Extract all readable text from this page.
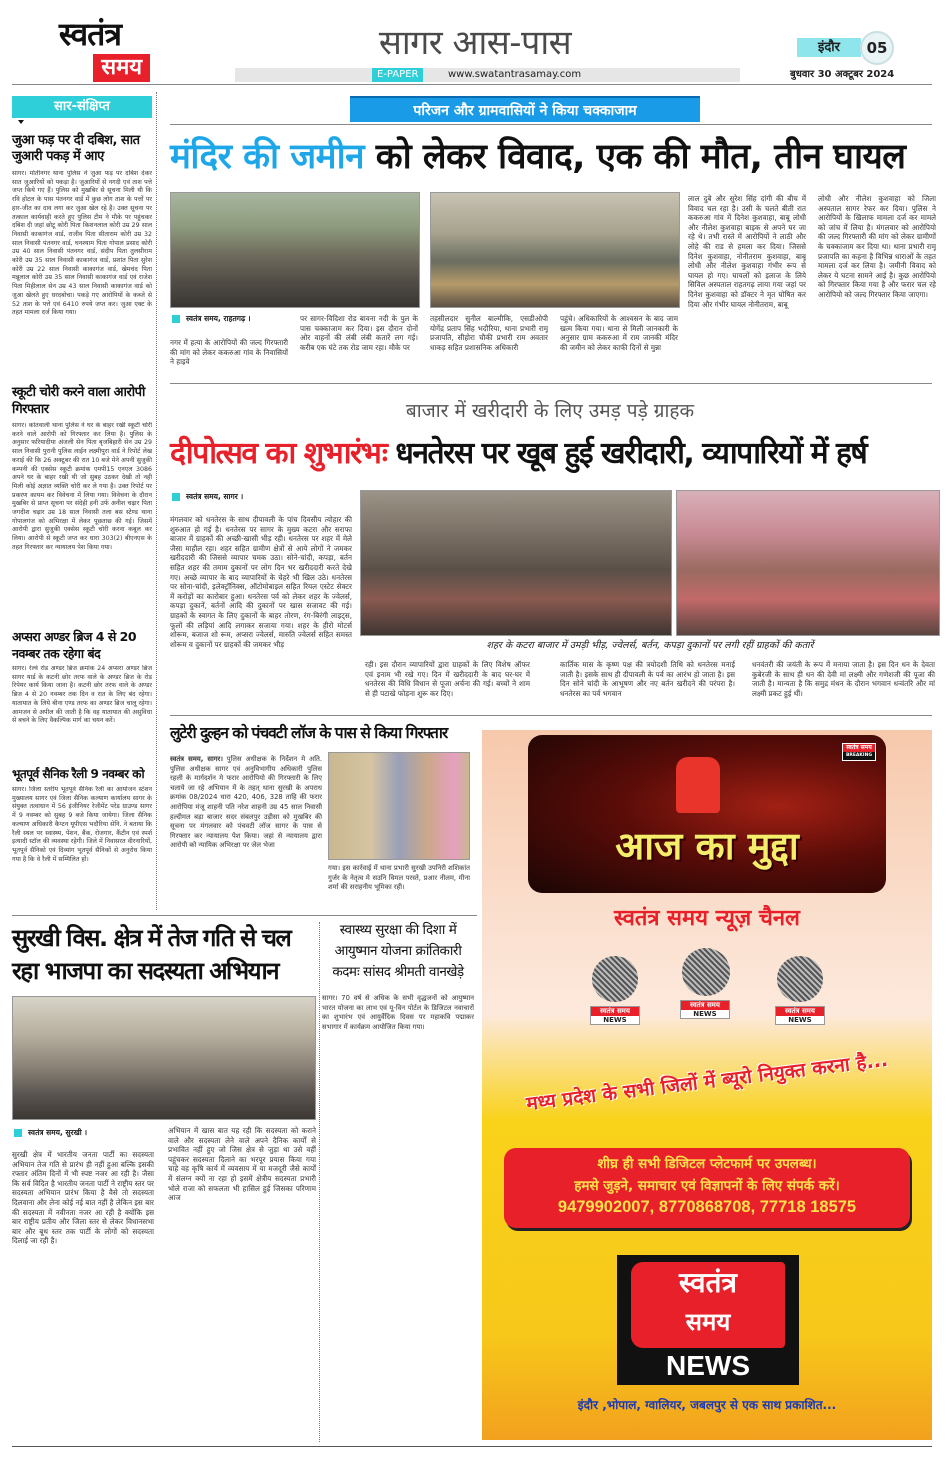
स्वतंत्र
समय
सागर आस-पास
E-PAPER	www.swatantrasamay.com
इंदौर	05
बुधवार 30 अक्टूबर 2024
सार-संक्षिप्त
जुआ फड़ पर दी दबिश, सात जुआरी पकड़ में आए
सागर। मोतीनगर थाना पुलिस ने जुआ फड़ पर दबिश देकर सात जुआरियों को पकड़ा है। जुआरियों से नगदी एवं ताश पत्ते जप्त किये गए हैं। पुलिस को मुखबिर से सूचना मिली थी कि रवि होटल के पास पंतनगर वार्ड में कुछ लोग ताश के पत्तों पर हार-जीत का दाव लगा कर जुआ खेल रहे है। उक्त सूचना पर तत्काल कार्यवाही करते हुए पुलिस टीम ने मौके पर पहुंचकर दबिश दी जहां छोटू कोरी पिता किशनलाल कोरी उम्र 29 साल निवासी काकागंज वार्ड, राजीव पिता सीताराम कोरी उम्र 32 साल निवासी पंतनगर वार्ड, घनश्याम पिता गोपाल प्रसाद कोरी उम्र 40 साल निवासी पंतनगर वार्ड, संदीप पिता तुलसीराम कोरी उम्र 35 साल निवासी काकागंज वार्ड, प्रशांत पिता सुरेश कोरी उम्र 22 साल निवासी काकागंज वार्ड, खेमचंद पिता मन्नूलाल कोरी उम्र 35 साल निवासी काकागंज वार्ड एवं राजेश पिता मिहीलाल सेन उम्र 43 साल निवासी काकागंज वार्ड को जुआ खेलते हुए धरदबोचा। पकड़े गए आरोपियों के कब्जे से 52 ताश के पत्ते एवं 6410 रुपये जप्त कर। जुआ एक्ट के तहत मामला दर्ज किया गया।
स्कूटी चोरी करने वाला आरोपी गिरफ्तार
सागर। कोतवाली थाना पुलिस ने घर के बाहर रखी स्कूटी चोरी करने वाले आरोपी को गिरफ्तार कर लिया है। पुलिस के अनुसार फरियादीया अंजली सेन पिता बृजबिहारी सेन उम्र 29 साल निवासी पुरानी पुलिस लाईन लक्ष्मीपुरा वार्ड ने रिपोर्ट लेख कराई की कि 26 अक्टूबर की रात 10 बजे मेने अपनी सुजुकी कम्पनी की एक्सेस स्कूटी क्रमांक एमपी15 एनएल 3086 अपने घर के बाहर रखी थी जो सुबह उठकर देखी तो नही मिली कोई अज्ञात व्यक्ति चोरी कर ले गया है। उक्त रिपोर्ट पर प्रकरण कायम कर विवेचना में लिया गया। विवेचना के दौरान मुखबिर से प्राप्त सूचना पर संदेही हनी उर्फ अनीश चढ़ार पिता जगदीश चढ़ार उम्र 18 साल निवासी तला बस स्टेण्ड थाना गोपालगंज को अभिरक्षा में लेकर पूछताछ की गई। जिसमें आरोपी द्वारा सुजुकी एक्सेस स्कूटी चोरी करना कबूल कर लिया। आरोपी से स्कूटी जप्त कर धारा 303(2) बीएनएस के तहत गिरफ्तार कर न्यायालय पेश किया गया।
अप्सरा अण्डर ब्रिज 4 से 20 नवम्बर तक रहेगा बंद
सागर। रेल्वे रोड अण्डर ब्रिज क्रमांक 24 अप्सरा अण्डर ब्रिज सागर यार्ड के कटनी छोर तरफ वाले के अण्डर ब्रिज के रोड रिपेयर कार्य किया जाना है। कटनी छोर तरफ वाले के अण्डर ब्रिज 4 से 20 नवम्बर तक दिन व रात के लिए बंद रहेगा। यातायात के लिये बीना एण्ड तरफ का अण्डर ब्रिज चालू रहेगा। आमजन से अपील की जाती है कि वह यातायात की असुविधा से बचने के लिए वैकल्पिक मार्ग का चयन करें।
भूतपूर्व सैनिक रैली 9 नवम्बर को
सागर। जिला स्तरीय भूतपूर्व सैनिक रैली का आयोजन स्टेशन मुख्यालय सागर एवं जिला सैनिक कल्याण कार्यालय सागर के संयुक्त तत्वाधान में 56 इंजीनियर रेजीमेंट परेड ग्राउण्ड सागर में 9 नवम्बर को सुबह 9 बजे किया जायेगा। जिला सैनिक कल्याण अधिकारी कैप्टन यूपीएस भदौरिया सेनि. ने बताया कि रैली स्थल पर स्वास्थ्य, पेंशन, बैंक, रोजगार, कैंटीन एवं स्पर्श इत्यादी स्टॉल की व्यवस्था रहेगी। जिले में निवासरत वीरनारियों, भूतपूर्व सैनिको एवं दिव्यांग भूतपूर्व सैनिकों से अनुरोध किया गया है कि वे रैली में सम्मिलित हों।
परिजन और ग्रामवासियों ने किया चक्काजाम
मंदिर की जमीन को लेकर विवाद, एक की मौत, तीन घायल
स्वतंत्र समय, राहतगढ़ ।
नगर में हत्या के आरोपियों की जल्द गिरफ्तारी की मांग को लेकर ककरुआ गांव के निवासियों ने हाइवे
पर सागर-विदिशा रोड बावना नदी के पुल के पास चक्काजाम कर दिया। इस दौरान दोनों ओर वाहनों की लंबी लंबी कतारें लग गई। करीब एक घंटे तक रोड जाम रहा। मौके पर
तहसीलदार सुनील बाल्मीकि, एसडीओपी योगेंद्र प्रताप सिंह भदौरिया, थाना प्रभारी रामू प्रजापति, सीहोरा चौकी प्रभारी राम अवतार धाकड़ सहित प्रशासनिक अधिकारी
पहुंचे। अधिकारियों के आश्वसन के बाद जाम खत्म किया गया। थाना से मिली जानकारी के अनुसार ग्राम ककरुआ में राम जानकी मंदिर की जमीन को लेकर काफी दिनों से मुन्ना
लाल दुबे और सुरेश सिंह दांगी की बीच में विवाद चल रहा है। उसी के चलते बीती रात ककरुआ गांव में दिनेश कुशवाहा, बाबू लोधी और नीलेश कुशवाहा बाइक से अपने घर जा रहे थे। तभी रास्ते में आरोपियों ने लाठी और लोहे की राड से हमला कर दिया। जिससे दिनेश कुशवाहा, नोनीतराम कुशवाहा, बाबू लोधी और नीलेश कुशवाहा गंभीर रूप से घायल हो गए। घायलों को इलाज के लिये सिविल अस्पताल राहतगढ़ लाया गया जहां पर दिनेश कुशवाहा को डॉक्टर ने मृत घोषित कर दिया और गंभीर घायल नोनीतराम, बाबू
लोधी और नीलेश कुशवाहा को जिला अस्पताल सागर रेफर कर दिया। पुलिस ने आरोपियों के खिलाफ मामला दर्ज कर मामले को जांच में लिया है। मंगलवार को आरोपियो की जल्द गिरफ्तारी की मांग को लेकर ग्रामीणों के चक्काजाम कर दिया था। थाना प्रभारी रामू प्रजापति का कहना है विभिन्न धाराओं के तहत मामला दर्ज कर लिया है। जमीनी विवाद को लेकर ये घटना सामने आई है। कुछ आरोपियो को गिरफ्तार किया गया है और फरार चल रहे आरोपियो को जल्द गिरफ्तार किया जाएगा।
बाजार में खरीदारी के लिए उमड़ पड़े ग्राहक
दीपोत्सव का शुभारंभः धनतेरस पर खूब हुई खरीदारी, व्यापारियों में हर्ष
स्वतंत्र समय, सागर ।
मंगलवार को धनतेरस के साथ दीपावली के पांच दिवसीय त्योहार की शुरुआत हो गई है। धनतेरस पर सागर के मुख्य कटरा और सराफा बाजार में ग्राहकों की अच्छी-खासी भीड़ रही। धनतेरस पर शहर में मेले जैसा माहौल रहा। शहर सहित ग्रामीण क्षेत्रों से आये लोगों ने जमकर खरीददारी की जिससे व्यापार चमक उठा। सोने-चांदी, कपड़ा, बर्तन सहित शहर की तमाम दुकानों पर लोग दिन भर खरीददारी करते देखे गए। अच्छे व्यापार के बाद व्यापारियों के चेहरे भी खिल उठे। धनतेरस पर सोना-चांदी, इलेक्ट्रॉनिक्स, ऑटोमोबाइल सहित रियल एस्टेट सेक्टर में करोड़ों का कारोबार हुआ। धनतेरस पर्व को लेकर शहर के ज्वेलर्स, कपड़ा दुकानें, बर्तनों आदि की दुकानों पर खास सजावट की गई। ग्राहकों के स्वागत के लिए दुकानों के बाहर तोरण, रंग-बिरंगी लाइट्स, फूलों की लड़ियां आदि लगाकर सजाया गया। शहर के हीरो मोटर्स शोरूम, बजाज शो रूम, अप्सरा ज्वेलर्स, मारुति ज्वेलर्स सहित समस्त शोरूम व दुकानों पर ग्राहकों की जमकर भीड़	शहर के कटरा बाजार में उमड़ी भीड़, ज्वेलर्स, बर्तन, कपड़ा दुकानों पर लगी रहीं ग्राहकों की कतारें
रही। इस दौरान व्यापारियों द्वारा ग्राहकों के लिए विशेष ऑफर एवं इनाम भी रखे गए। दिन में खरीददारी के बाद घर-घर में धनतेरस की विधि विधान से पूजा अर्चना की गई। बच्चों ने शाम से ही पटाखे फोड़ना शुरू कर दिए।
कार्तिक मास के कृष्ण पक्ष की त्रयोदशी तिथि को धनतेरस मनाई जाती है। इसके साथ ही दीपावली के पर्व का आरंभ हो जाता है। इस दिन सोने चांदी के आभूषण और नए बर्तन खरीदने की परंपरा है। धनतेरस का पर्व भगवान
धनवंतरी की जयंती के रूप में मनाया जाता है। इस दिन धन के देवता कुबेरजी के साथ ही धन की देवी मां लक्ष्मी और गणेशजी की पूजा की जाती है। मान्यता है कि समुद्र मंथन के दौरान भगवान धन्वंतरि और मां लक्ष्मी प्रकट हुई थीं।
लुटेरी दुल्हन को पंचवटी लॉज के पास से किया गिरफ्तार
स्वतंत्र समय, सागर। पुलिस अधीक्षक के निर्देशन मे अति. पुलिस अधीक्षक सागर एवं अनुविभागीय अधिकारी पुलिस रहली के मार्गदर्शन मे फरार आरोपियो की गिरफ्तारी के लिए चलाये जा रहे अभियान में के तहत् थाना सुरखी के अपराध क्रमांक 08/2024 धारा 420, 406, 328 ताहि की फरार आरोपिया मंजू शाहनी पति नरेश शाहनी उम्र 45 साल निवासी हल्दीमल बड़ा बाजार सदर संबलपुर उड़ीसा को मुखबिर की सूचना पर मंगलवार को पंचवटी लॉज सागर के पास से गिरफ्तार कर न्यायालय पेश किया। जहां से न्यायालय द्वारा आरोपी को न्यायिक अभिरक्षा पर जेल भेजा
गया। इस कार्रवाई में थाना प्रभारी सुरखी उपनिरी शशिकांत गुर्जर के नेतृत्व मे सउनि विमल परस्ते, प्रआर नीलम, मीना शर्मा की सराहनीय भूमिका रही।
सुरखी विस. क्षेत्र में तेज गति से चल रहा भाजपा का सदस्यता अभियान
स्वतंत्र समय, सुरखी ।
सुरखी क्षेत्र में भारतीय जनता पार्टी का सदस्यता अभियान तेज गति से प्रारंभ ही नहीं हुआ बल्कि इसकी रफ्तार अंतिम दिनों में भी स्पष्ट नजर आ रही है। जैसा कि सर्व विदित है भारतीय जनता पार्टी ने राष्ट्रीय स्तर पर सदस्यता अभियान प्रारंभ किया है वैसे तो सदस्यता दिलवाना और लेना कोई नई बात नहीं है लेकिन इस बार की सदस्यता में नवीनता नजर आ रही है क्योंकि इस बार राष्ट्रीय प्रतीय और जिला स्तर से लेकर विधानसभा बार और बूथ स्तर तक पार्टी के लोगों को सदस्यता दिलाई जा रही है।
अभियान में खास बात यह रही कि सदस्यता को कराने वाले और सदस्यता लेने वाले अपने दैनिक कार्यों से प्रभावित नहीं हुए जो जिस क्षेत्र से जुड़ा था उसे वहीं पहुंचकर सदस्यता दिलाने का भरपूर प्रयास किया गया चाहे वह कृषि कार्य में व्यवसाय में या मजदूरी जैसे कार्यों में संलग्न क्यों ना रहा हो इसमें क्षेत्रीय सदस्यता प्रभारी भोले राजा को सफलता भी हासिल हुई जिसका परिणाम आज
स्वास्थ्य सुरक्षा की दिशा में आयुष्मान योजना क्रांतिकारी कदमः सांसद श्रीमती वानखेड़े
सागर। 70 वर्ष से अधिक के सभी वृद्धजनों को आयुष्मान भारत योजना का लाभ एवं यू-विन पोर्टल के डिजिटल नवाचारों का शुभारंभ एवं आयुर्वेदिक दिवस पर महाकवि पद्माकर सभागार में कार्यक्रम आयोजित किया गया।
आज का मुद्दा
स्वतंत्र समय
BREAKING
स्वतंत्र समय न्यूज़ चैनल
स्वतंत्र समय
NEWS
स्वतंत्र समय
NEWS	स्वतंत्र समय
NEWS
मध्य प्रदेश के सभी जिलों में ब्यूरो नियुक्त करना है...
शीघ्र ही सभी डिजिटल प्लेटफार्म पर उपलब्ध।
हमसे जुड़ने, समाचार एवं विज्ञापनों के लिए संपर्क करें।
9479902007, 8770868708, 77718 18575
स्वतंत्र
समय
NEWS
इंदौर ,भोपाल, ग्वालियर, जबलपुर से एक साथ प्रकाशित...
